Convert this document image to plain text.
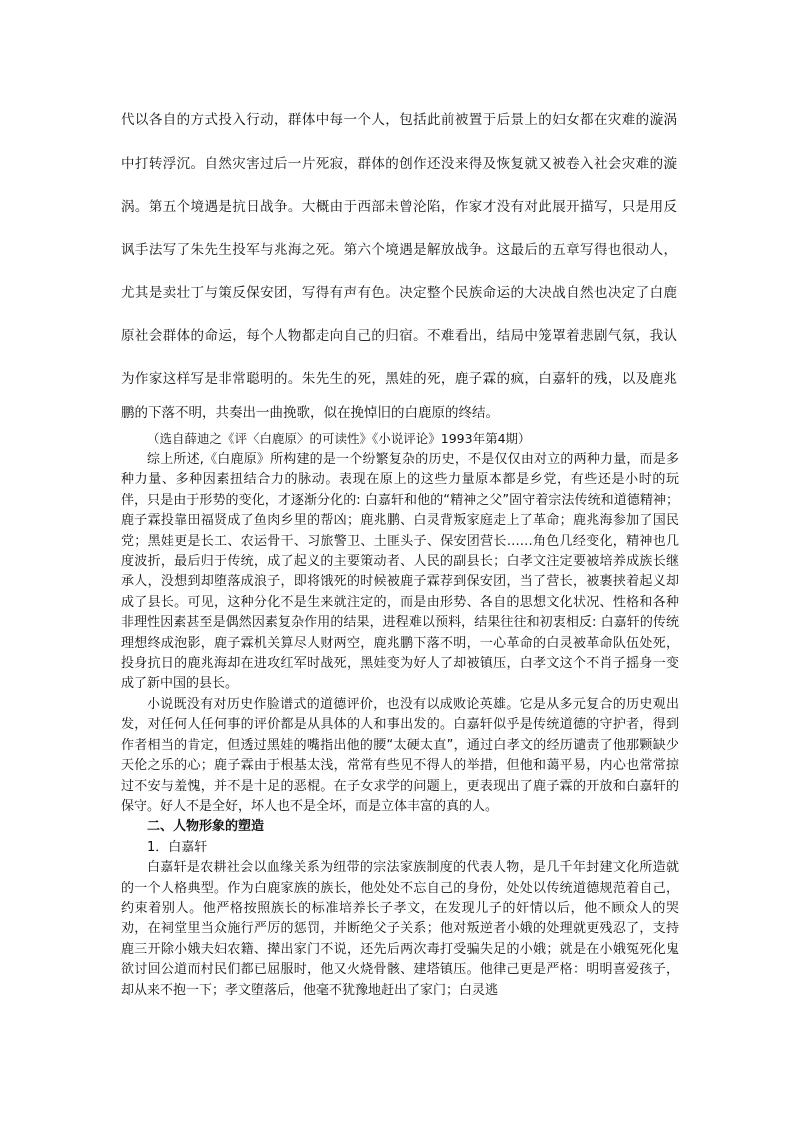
代以各自的方式投入行动，群体中每一个人，包括此前被置于后景上的妇女都在灾难的漩涡
中打转浮沉。自然灾害过后一片死寂，群体的创作还没来得及恢复就又被卷入社会灾难的漩
涡。第五个境遇是抗日战争。大概由于西部未曾沦陷，作家才没有对此展开描写，只是用反
讽手法写了朱先生投军与兆海之死。第六个境遇是解放战争。这最后的五章写得也很动人，
尤其是卖壮丁与策反保安团，写得有声有色。决定整个民族命运的大决战自然也决定了白鹿
原社会群体的命运，每个人物都走向自己的归宿。不难看出，结局中笼罩着悲剧气氛，我认
为作家这样写是非常聪明的。朱先生的死，黑娃的死，鹿子霖的疯，白嘉轩的残，以及鹿兆
鹏的下落不明，共奏出一曲挽歌，似在挽悼旧的白鹿原的终结。
（选自薛迪之《评〈白鹿原〉的可读性》《小说评论》1993年第4期）

综上所述,《白鹿原》所构建的是一个纷繁复杂的历史，不是仅仅由对立的两种力量，而是多种力量、多种因素扭结合力的脉动。表现在原上的这些力量原本都是乡党，有些还是小时的玩伴，只是由于形势的变化，才逐渐分化的: 白嘉轩和他的“精神之父”固守着宗法传统和道德精神；鹿子霖投靠田福贤成了鱼肉乡里的帮凶；鹿兆鹏、白灵背叛家庭走上了革命；鹿兆海参加了国民党；黑娃更是长工、农运骨干、习旅警卫、土匪头子、保安团营长……角色几经变化，精神也几度波折，最后归于传统，成了起义的主要策动者、人民的副县长；白孝文注定要被培养成族长继承人，没想到却堕落成浪子，即将饿死的时候被鹿子霖荐到保安团，当了营长，被裹挟着起义却成了县长。可见，这种分化不是生来就注定的，而是由形势、各自的思想文化状况、性格和各种非理性因素甚至是偶然因素复杂作用的结果，进程难以预料，结果往往和初衷相反: 白嘉轩的传统理想终成泡影，鹿子霖机关算尽人财两空，鹿兆鹏下落不明，一心革命的白灵被革命队伍处死，投身抗日的鹿兆海却在进攻红军时战死，黑娃变为好人了却被镇压，白孝文这个不肖子摇身一变成了新中国的县长。

小说既没有对历史作脸谱式的道德评价，也没有以成败论英雄。它是从多元复合的历史观出发，对任何人任何事的评价都是从具体的人和事出发的。白嘉轩似乎是传统道德的守护者，得到作者相当的肯定，但透过黑娃的嘴指出他的腰“太硬太直”，通过白孝文的经历谴责了他那颗缺少天伦之乐的心；鹿子霖由于根基太浅，常常有些见不得人的举措，但他和蔼平易，内心也常常掠过不安与羞愧，并不是十足的恶棍。在子女求学的问题上，更表现出了鹿子霖的开放和白嘉轩的保守。好人不是全好，坏人也不是全坏，而是立体丰富的真的人。

二、人物形象的塑造

1．白嘉轩

白嘉轩是农耕社会以血缘关系为纽带的宗法家族制度的代表人物，是几千年封建文化所造就的一个人格典型。作为白鹿家族的族长，他处处不忘自己的身份，处处以传统道德规范着自己，约束着别人。他严格按照族长的标准培养长子孝文，在发现儿子的奸情以后，他不顾众人的哭劝，在祠堂里当众施行严厉的惩罚，并断绝父子关系；他对叛逆者小娥的处理就更残忍了，支持鹿三开除小娥夫妇农籍、撵出家门不说，还先后两次毒打受骗失足的小娥；就是在小娥冤死化鬼欲讨回公道而村民们都已屈服时，他又火烧骨骸、建塔镇压。他律己更是严格：明明喜爱孩子，却从来不抱一下；孝文堕落后，他毫不犹豫地赶出了家门；白灵逃
